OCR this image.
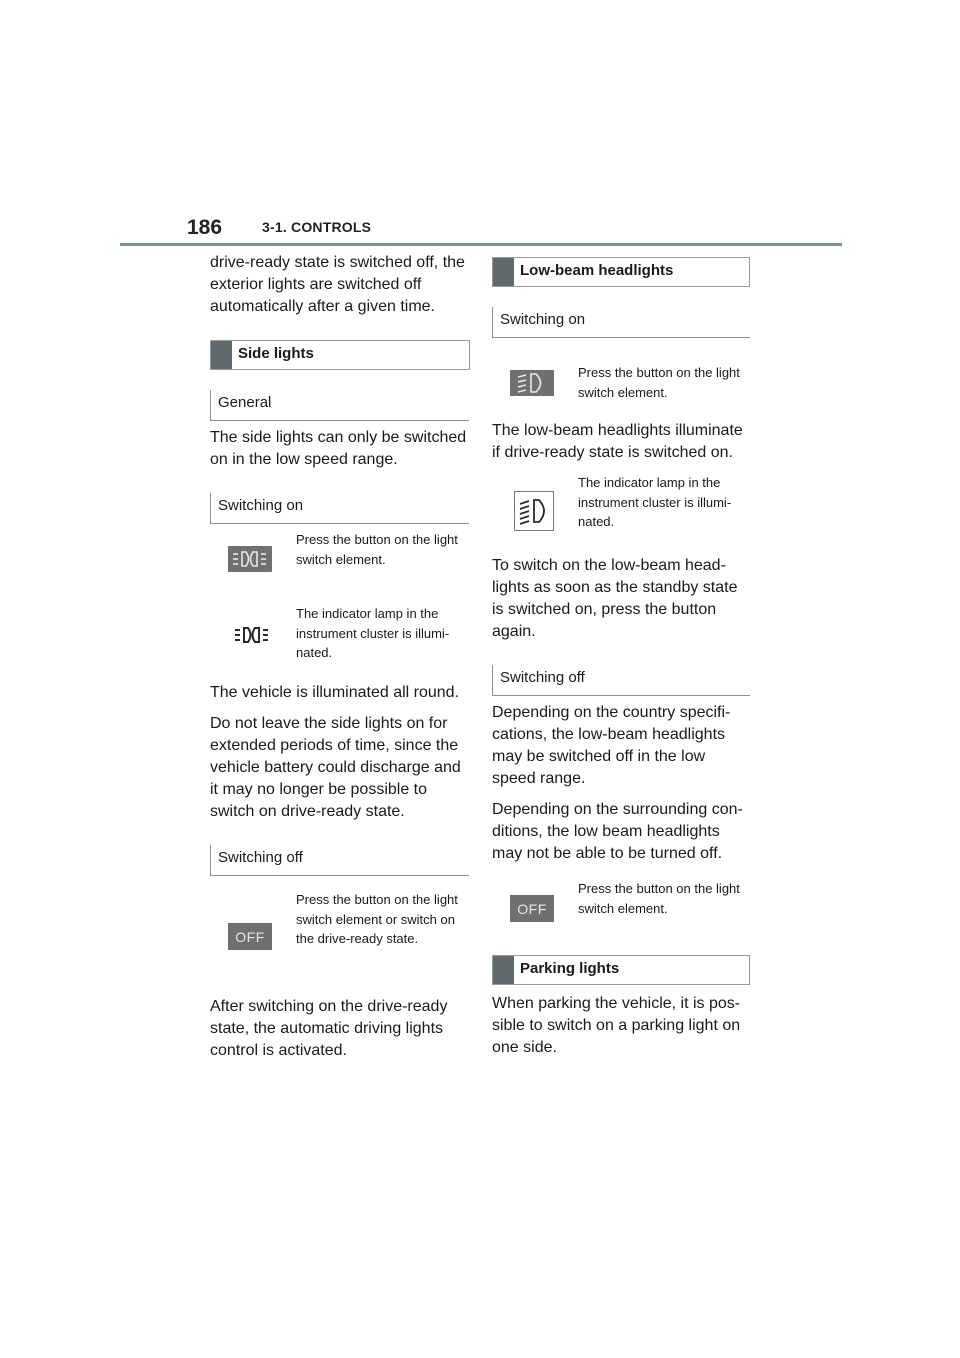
186	3-1. CONTROLS

drive-ready state is switched off, the exterior lights are switched off automatically after a given time.

Side lights
General

The side lights can only be switched on in the low speed range.

Switching on
Press the button on the light switch element.
The indicator lamp in the instrument cluster is illumi-nated.

The vehicle is illuminated all round.

Do not leave the side lights on for extended periods of time, since the vehicle battery could discharge and it may no longer be possible to switch on drive-ready state.

Switching off
OFF
Press the button on the light switch element or switch on the drive-ready state.

After switching on the drive-ready state, the automatic driving lights control is activated.

Low-beam headlights
Switching on
Press the button on the light switch element.

The low-beam headlights illuminate if drive-ready state is switched on.

The indicator lamp in the instrument cluster is illumi-nated.

To switch on the low-beam head-lights as soon as the standby state is switched on, press the button again.

Switching off

Depending on the country specifi-cations, the low-beam headlights may be switched off in the low speed range.

Depending on the surrounding con-ditions, the low beam headlights may not be able to be turned off.

OFF
Press the button on the light switch element.
Parking lights

When parking the vehicle, it is pos-sible to switch on a parking light on one side.
